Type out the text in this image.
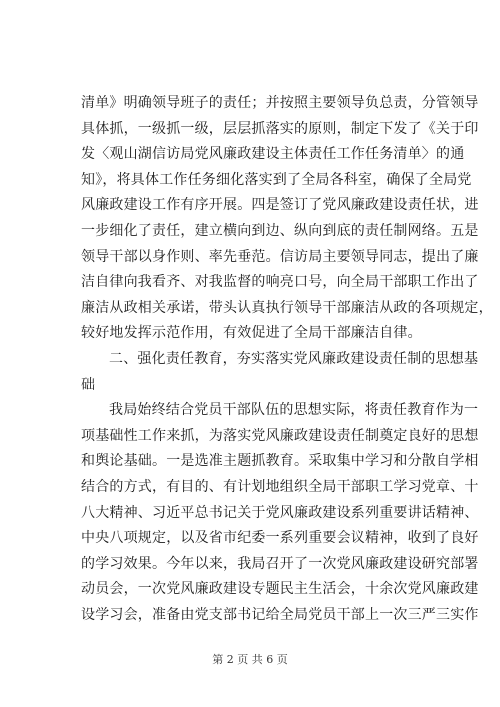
清单》明确领导班子的责任；并按照主要领导负总责，分管领导
具体抓，一级抓一级，层层抓落实的原则，制定下发了《关于印
发〈观山湖信访局党风廉政建设主体责任工作任务清单〉的通
知》，将具体工作任务细化落实到了全局各科室，确保了全局党
风廉政建设工作有序开展。四是签订了党风廉政建设责任状，进
一步细化了责任，建立横向到边、纵向到底的责任制网络。五是
领导干部以身作则、率先垂范。信访局主要领导同志，提出了廉
洁自律向我看齐、对我监督的响亮口号，向全局干部职工作出了
廉洁从政相关承诺，带头认真执行领导干部廉洁从政的各项规定，
较好地发挥示范作用，有效促进了全局干部廉洁自律。
二、强化责任教育，夯实落实党风廉政建设责任制的思想基
础
我局始终结合党员干部队伍的思想实际，将责任教育作为一
项基础性工作来抓，为落实党风廉政建设责任制奠定良好的思想
和舆论基础。一是选准主题抓教育。采取集中学习和分散自学相
结合的方式，有目的、有计划地组织全局干部职工学习党章、十
八大精神、习近平总书记关于党风廉政建设系列重要讲话精神、
中央八项规定，以及省市纪委一系列重要会议精神，收到了良好
的学习效果。今年以来，我局召开了一次党风廉政建设研究部署
动员会，一次党风廉政建设专题民主生活会，十余次党风廉政建
设学习会，准备由党支部书记给全局党员干部上一次三严三实作
第 2 页 共 6 页
